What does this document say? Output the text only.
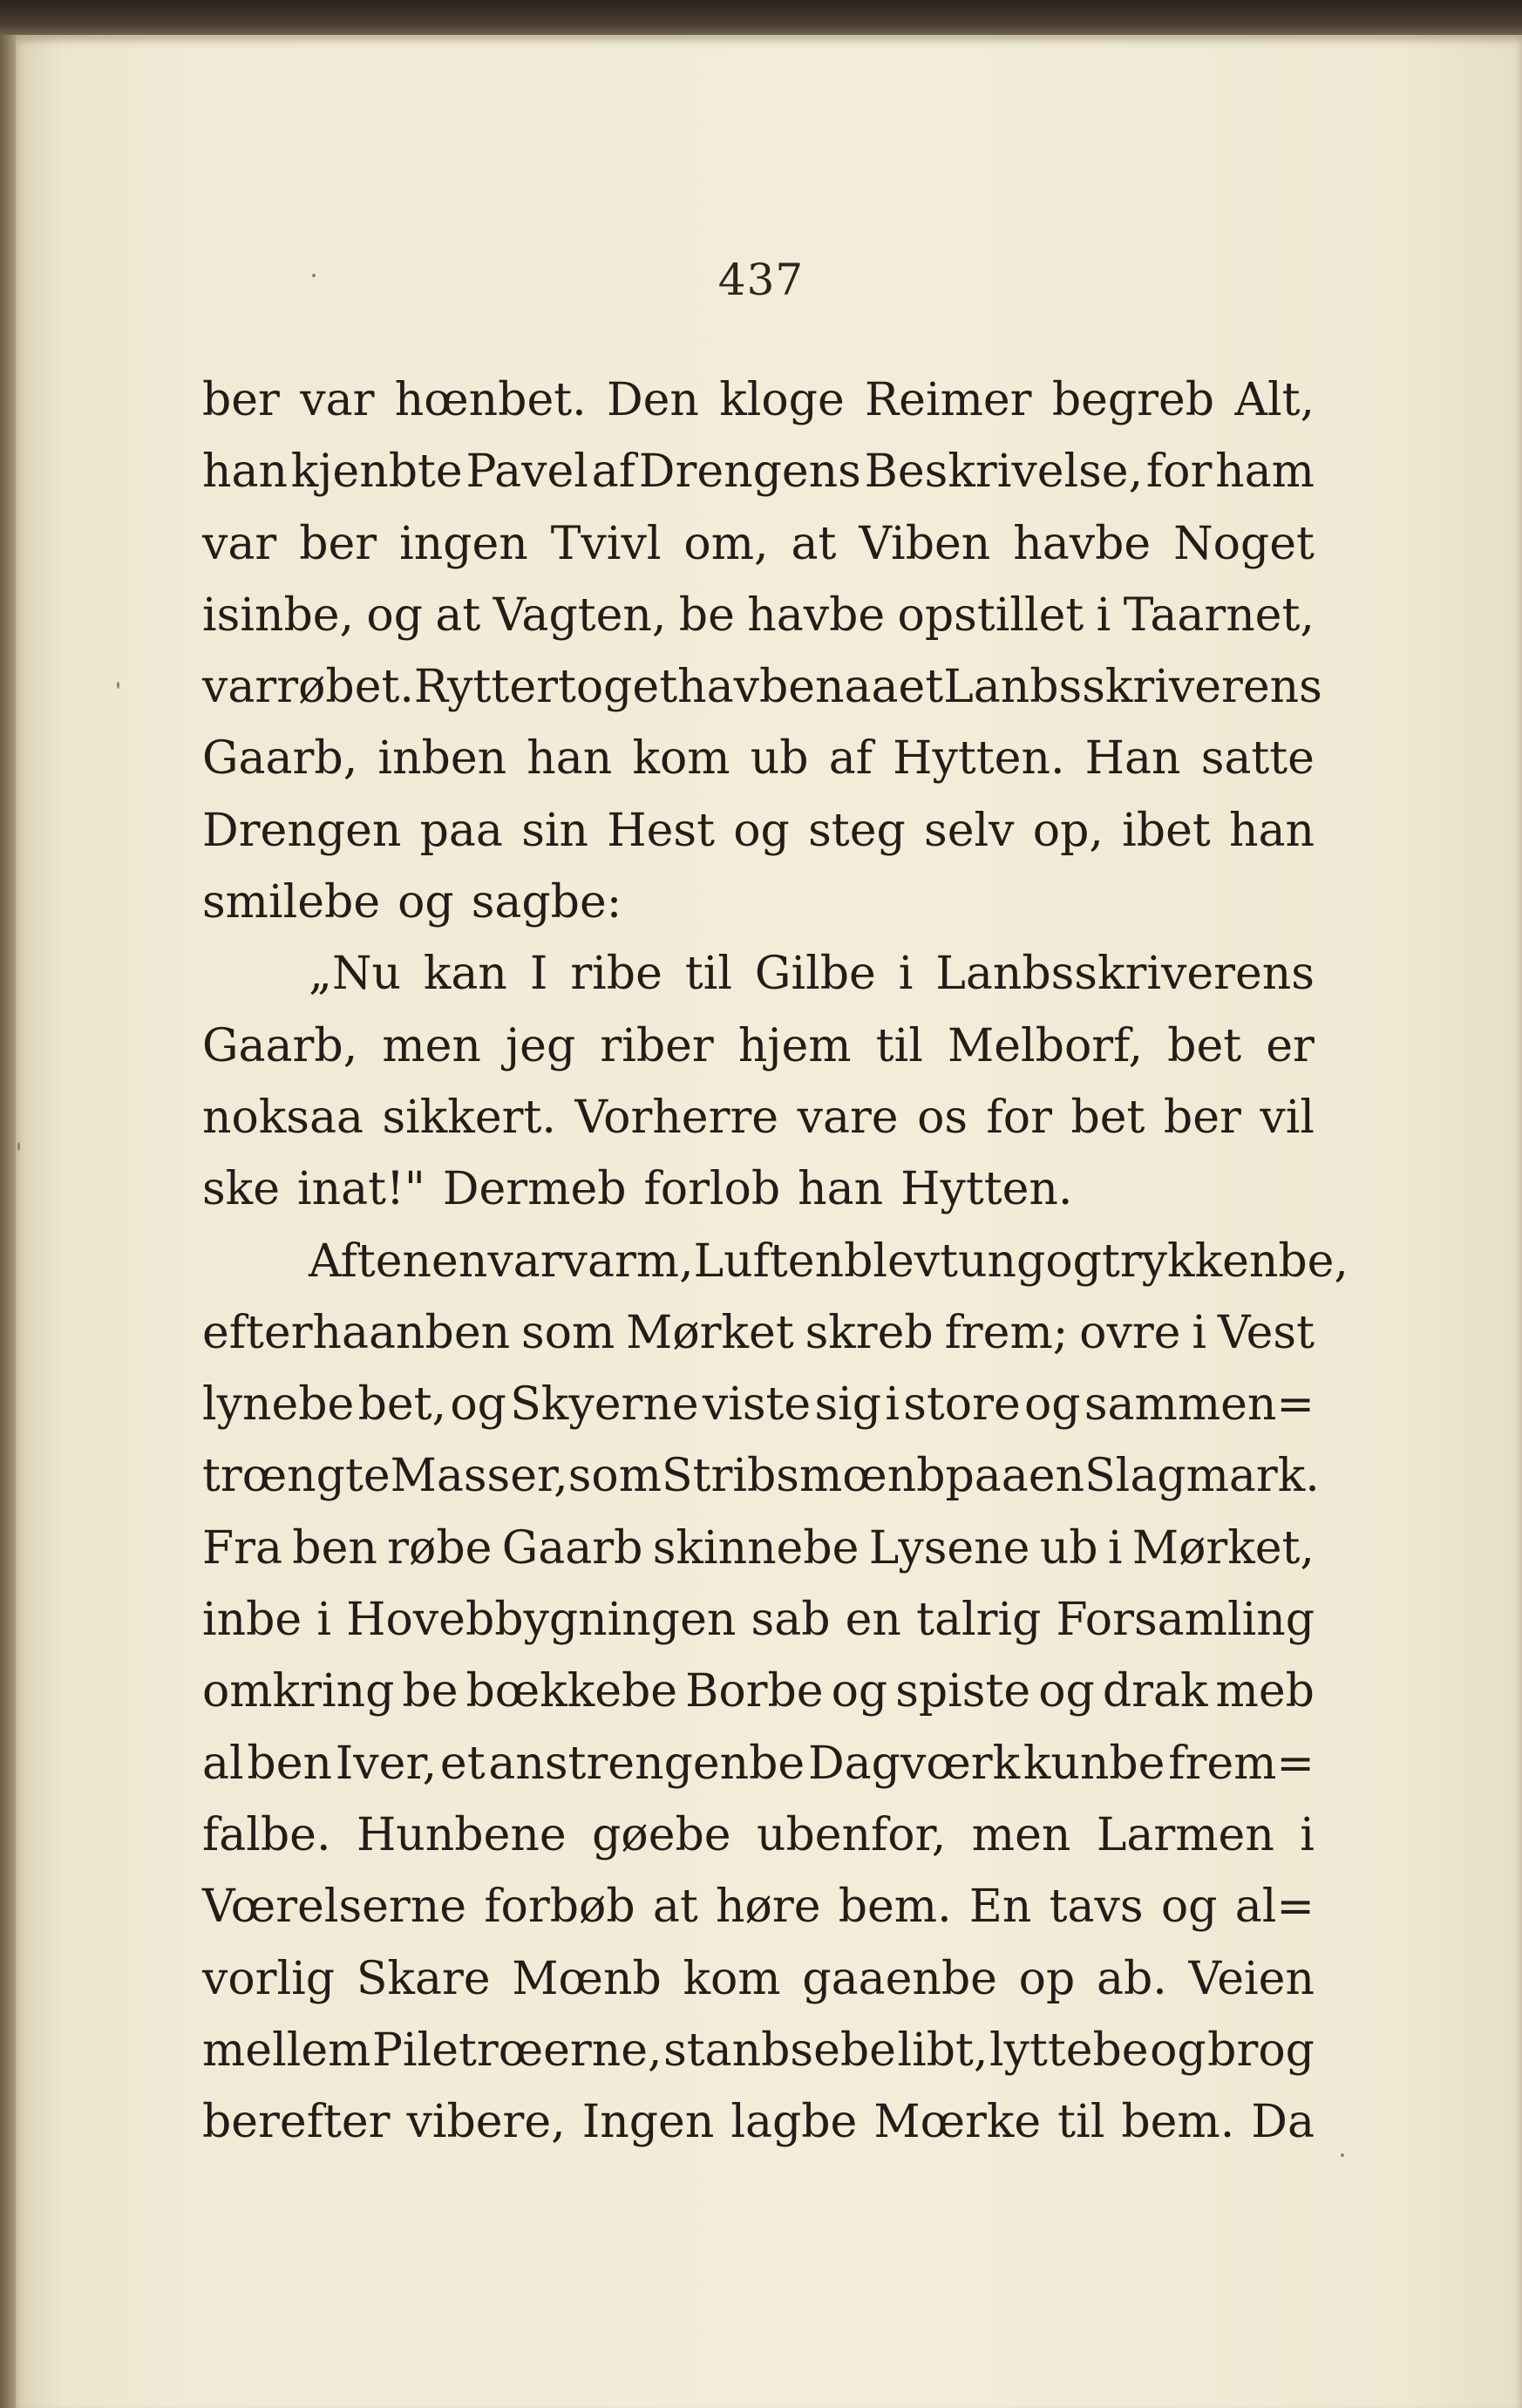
437
ber var hœnbet. Den kloge Reimer begreb Alt,
han kjenbte Pavel af Drengens Beskrivelse, for ham
var ber ingen Tvivl om, at Viben havbe Noget
isinbe, og at Vagten, be havbe opstillet i Taarnet,
var røbet. Ryttertoget havbe naaet Lanbsskriverens
Gaarb, inben han kom ub af Hytten. Han satte
Drengen paa sin Hest og steg selv op, ibet han
smilebe og sagbe:
„Nu kan I ribe til Gilbe i Lanbsskriverens
Gaarb, men jeg riber hjem til Melborf, bet er
noksaa sikkert. Vorherre vare os for bet ber vil
ske inat!" Dermeb forlob han Hytten.
Aftenen var varm, Luften blev tung og trykkenbe,
efterhaanben som Mørket skreb frem; ovre i Vest
lynebe bet, og Skyerne viste sig i store og sammen=
trœngte Masser, som Stribsmœnb paa en Slagmark.
Fra ben røbe Gaarb skinnebe Lysene ub i Mørket,
inbe i Hovebbygningen sab en talrig Forsamling
omkring be bœkkebe Borbe og spiste og drak meb
al ben Iver, et anstrengenbe Dagvœrk kunbe frem=
falbe. Hunbene gøebe ubenfor, men Larmen i
Vœrelserne forbøb at høre bem. En tavs og al=
vorlig Skare Mœnb kom gaaenbe op ab. Veien
mellem Piletrœerne, stanbsebe libt, lyttebe og brog
berefter vibere, Ingen lagbe Mœrke til bem. Da
